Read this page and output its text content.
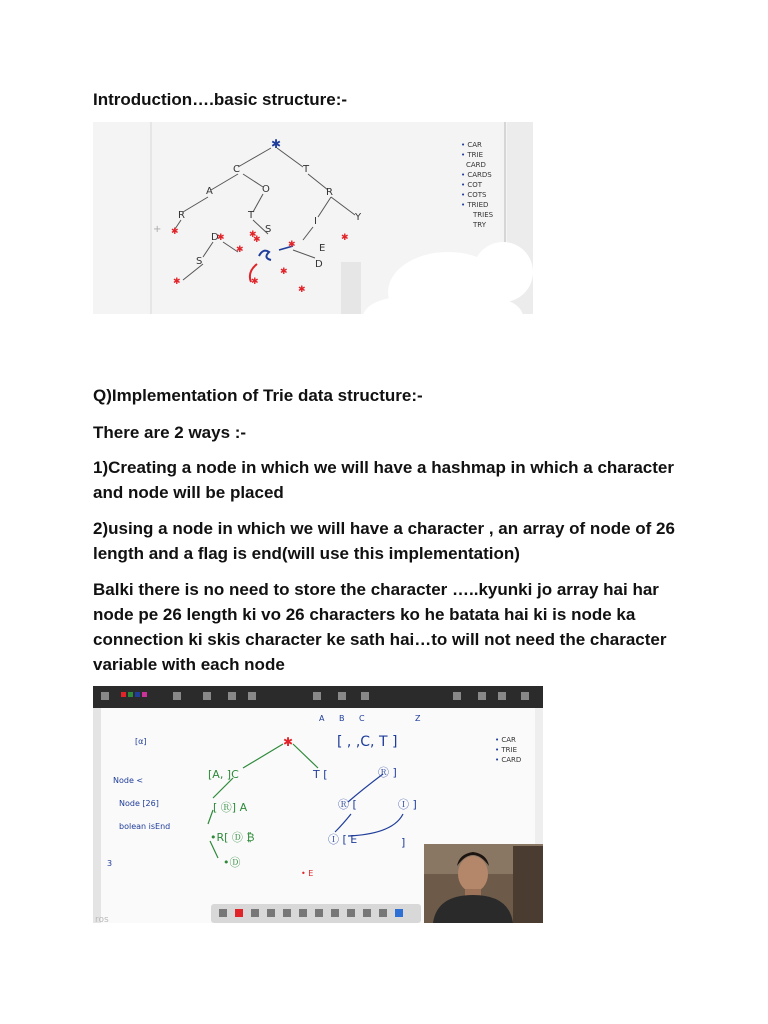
Introduction….basic structure:-
+
✱
C	T
A	O	R
R	T
I	Y
D
S
S
E
D
✱
✱
✱
✱
✱
✱
✱
✱
✱
✱
✱
• CAR
• TRIE
CARD
• CARDS
• COT
• COTS
• TRIED
TRIES
TRY
Q)Implementation of Trie data structure:-

There are 2 ways :-

1)Creating a node in which we will have a hashmap in which a character and node will be placed

2)using a node in which we will have a character , an array of node of 26 length and a flag is end(will use this implementation)

Balki there is no need to store the character …..kyunki jo array hai har node pe 26 length ki vo 26 characters ko he batata hai ki is node ka connection ki skis character ke sath hai…to will not need the character variable with each node

A B C	Z
✱	[ , ,C, T ]
[α]
Node <
Node [26]
bolean isEnd
3
[A, ]C
[ Ⓡ] A
•R[ Ⓓ ₿
•Ⓓ
T [	Ⓡ ]
Ⓡ [	Ⓘ ]
Ⓘ [ E	]
• E
• CAR
• TRIE
• CARD
ros
